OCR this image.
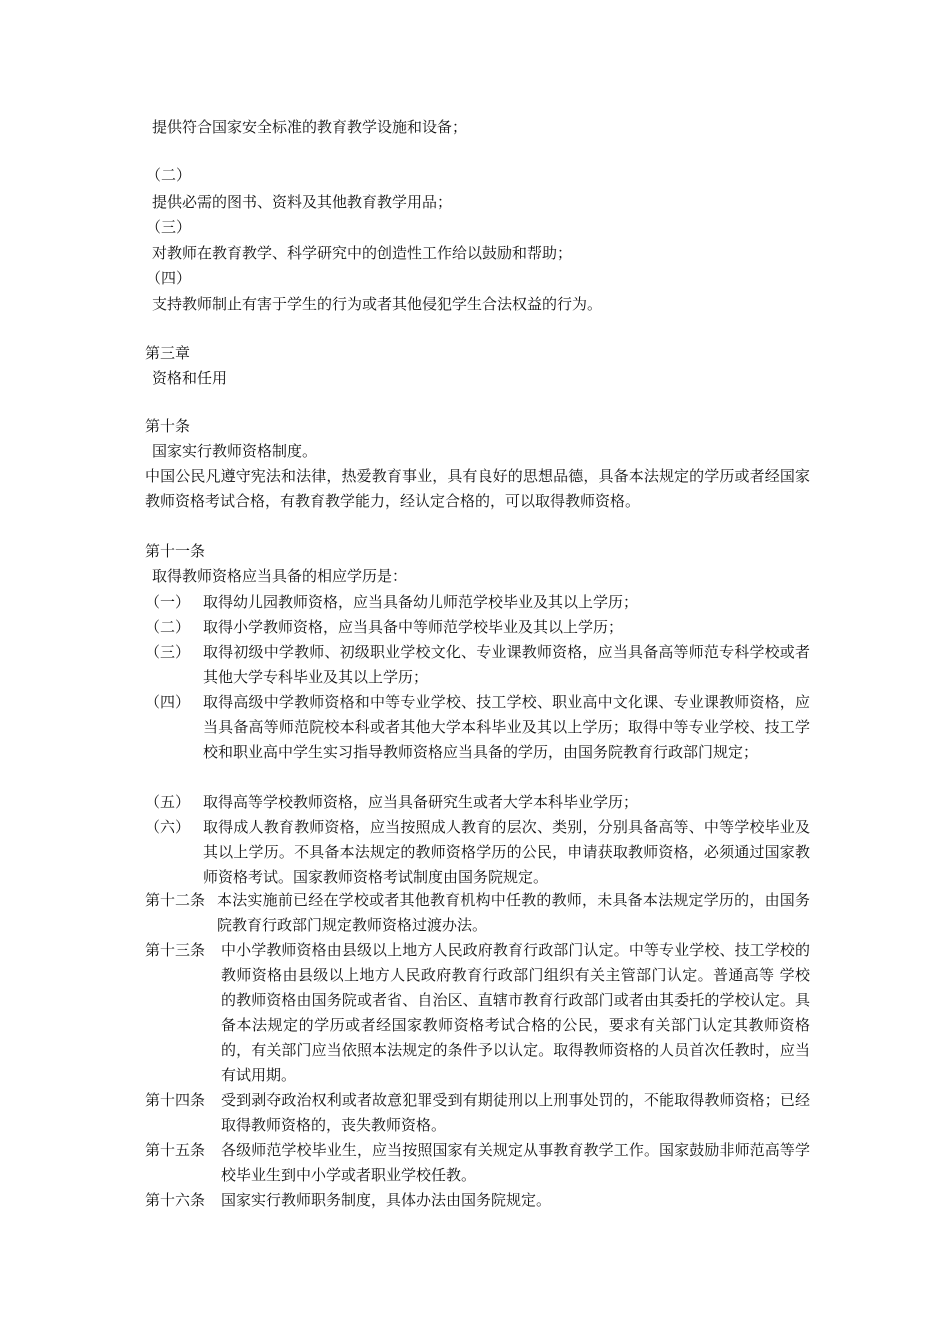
提供符合国家安全标准的教育教学设施和设备；

（二）

提供必需的图书、资料及其他教育教学用品；

（三）

对教师在教育教学、科学研究中的创造性工作给以鼓励和帮助；

（四）

支持教师制止有害于学生的行为或者其他侵犯学生合法权益的行为。

第三章

资格和任用

第十条

国家实行教师资格制度。

中国公民凡遵守宪法和法律，热爱教育事业，具有良好的思想品德，具备本法规定的学历或者经国家教师资格考试合格，有教育教学能力，经认定合格的，可以取得教师资格。

第十一条

取得教师资格应当具备的相应学历是：

（一） 取得幼儿园教师资格，应当具备幼儿师范学校毕业及其以上学历；
（二） 取得小学教师资格，应当具备中等师范学校毕业及其以上学历；
（三） 取得初级中学教师、初级职业学校文化、专业课教师资格，应当具备高等师范专科学校或者其他大学专科毕业及其以上学历；
（四） 取得高级中学教师资格和中等专业学校、技工学校、职业高中文化课、专业课教师资格，应当具备高等师范院校本科或者其他大学本科毕业及其以上学历；取得中等专业学校、技工学校和职业高中学生实习指导教师资格应当具备的学历，由国务院教育行政部门规定；
（五） 取得高等学校教师资格，应当具备研究生或者大学本科毕业学历；
（六） 取得成人教育教师资格，应当按照成人教育的层次、类别，分别具备高等、中等学校毕业及其以上学历。不具备本法规定的教师资格学历的公民，申请获取教师资格，必须通过国家教师资格考试。国家教师资格考试制度由国务院规定。
第十二条 本法实施前已经在学校或者其他教育机构中任教的教师，未具备本法规定学历的，由国务院教育行政部门规定教师资格过渡办法。
第十三条 中小学教师资格由县级以上地方人民政府教育行政部门认定。中等专业学校、技工学校的教师资格由县级以上地方人民政府教育行政部门组织有关主管部门认定。普通高等 学校的教师资格由国务院或者省、自治区、直辖市教育行政部门或者由其委托的学校认定。具备本法规定的学历或者经国家教师资格考试合格的公民，要求有关部门认定其教师资格的，有关部门应当依照本法规定的条件予以认定。取得教师资格的人员首次任教时，应当有试用期。
第十四条 受到剥夺政治权利或者故意犯罪受到有期徒刑以上刑事处罚的，不能取得教师资格；已经取得教师资格的，丧失教师资格。
第十五条 各级师范学校毕业生，应当按照国家有关规定从事教育教学工作。国家鼓励非师范高等学校毕业生到中小学或者职业学校任教。
第十六条 国家实行教师职务制度，具体办法由国务院规定。
